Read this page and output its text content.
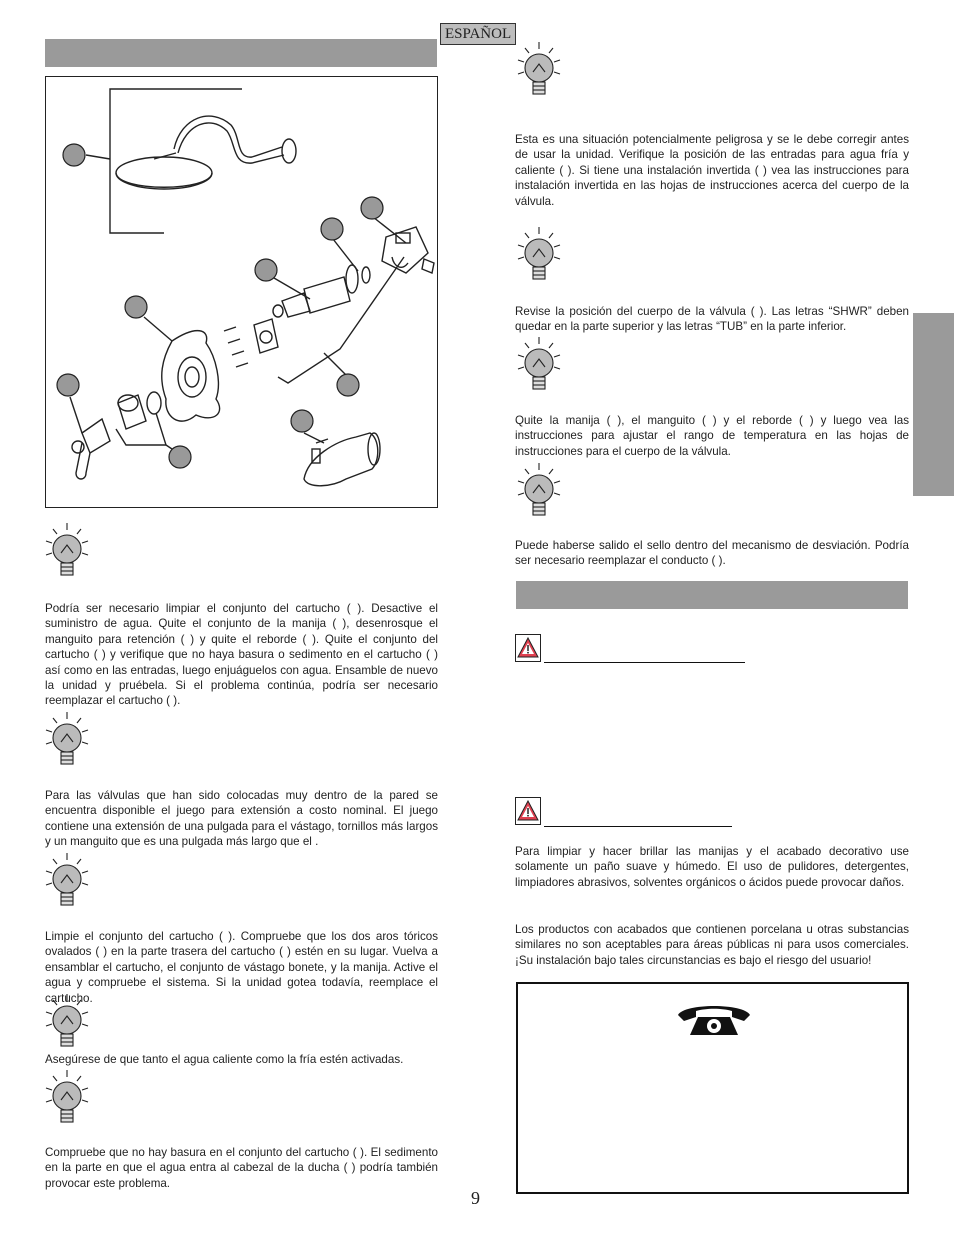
ESPAÑOL

Podría ser necesario limpiar el conjunto del cartucho ( ). Desactive el suministro de agua. Quite el conjunto de la manija ( ), desenrosque el manguito para retención ( ) y quite el reborde ( ). Quite el conjunto del cartucho ( ) y verifique que no haya basura o sedimento en el cartucho ( ) así como en las entradas, luego enjuáguelos con agua. Ensamble de nuevo la unidad y pruébela. Si el problema continúa, podría ser necesario reemplazar el cartucho ( ).

Para las válvulas que han sido colocadas muy dentro de la pared se encuentra disponible el juego para extensión a costo nominal. El juego contiene una extensión de una pulgada para el vástago, tornillos más largos y un manguito que es una pulgada más largo que el .

Limpie el conjunto del cartucho ( ). Compruebe que los dos aros tóricos ovalados ( ) en la parte trasera del cartucho ( ) estén en su lugar. Vuelva a ensamblar el cartucho, el conjunto de vástago bonete, y la manija. Active el agua y compruebe el sistema. Si la unidad gotea todavía, reemplace el cartucho.

Asegúrese de que tanto el agua caliente como la fría estén activadas.

Compruebe que no hay basura en el conjunto del cartucho ( ). El sedimento en la parte en que el agua entra al cabezal de la ducha ( ) podría también provocar este problema.

Esta es una situación potencialmente peligrosa y se le debe corregir antes de usar la unidad. Verifique la posición de las entradas para agua fría y caliente ( ). Si tiene una instalación invertida ( ) vea las instrucciones para instalación invertida en las hojas de instrucciones acerca del cuerpo de la válvula.

Revise la posición del cuerpo de la válvula ( ). Las letras “SHWR” deben quedar en la parte superior y las letras “TUB” en la parte inferior.

Quite la manija ( ), el manguito ( ) y el reborde ( ) y luego vea las instrucciones para ajustar el rango de temperatura en las hojas de instrucciones para el cuerpo de la válvula.

Puede haberse salido el sello dentro del mecanismo de desviación. Podría ser necesario reemplazar el conducto ( ).

Para limpiar y hacer brillar las manijas y el acabado decorativo use solamente un paño suave y húmedo. El uso de pulidores, detergentes, limpiadores abrasivos, solventes orgánicos o ácidos puede provocar daños.

Los productos con acabados que contienen porcelana u otras substancias similares no son aceptables para áreas públicas ni para usos comerciales. ¡Su instalación bajo tales circunstancias es bajo el riesgo del usuario!

9
